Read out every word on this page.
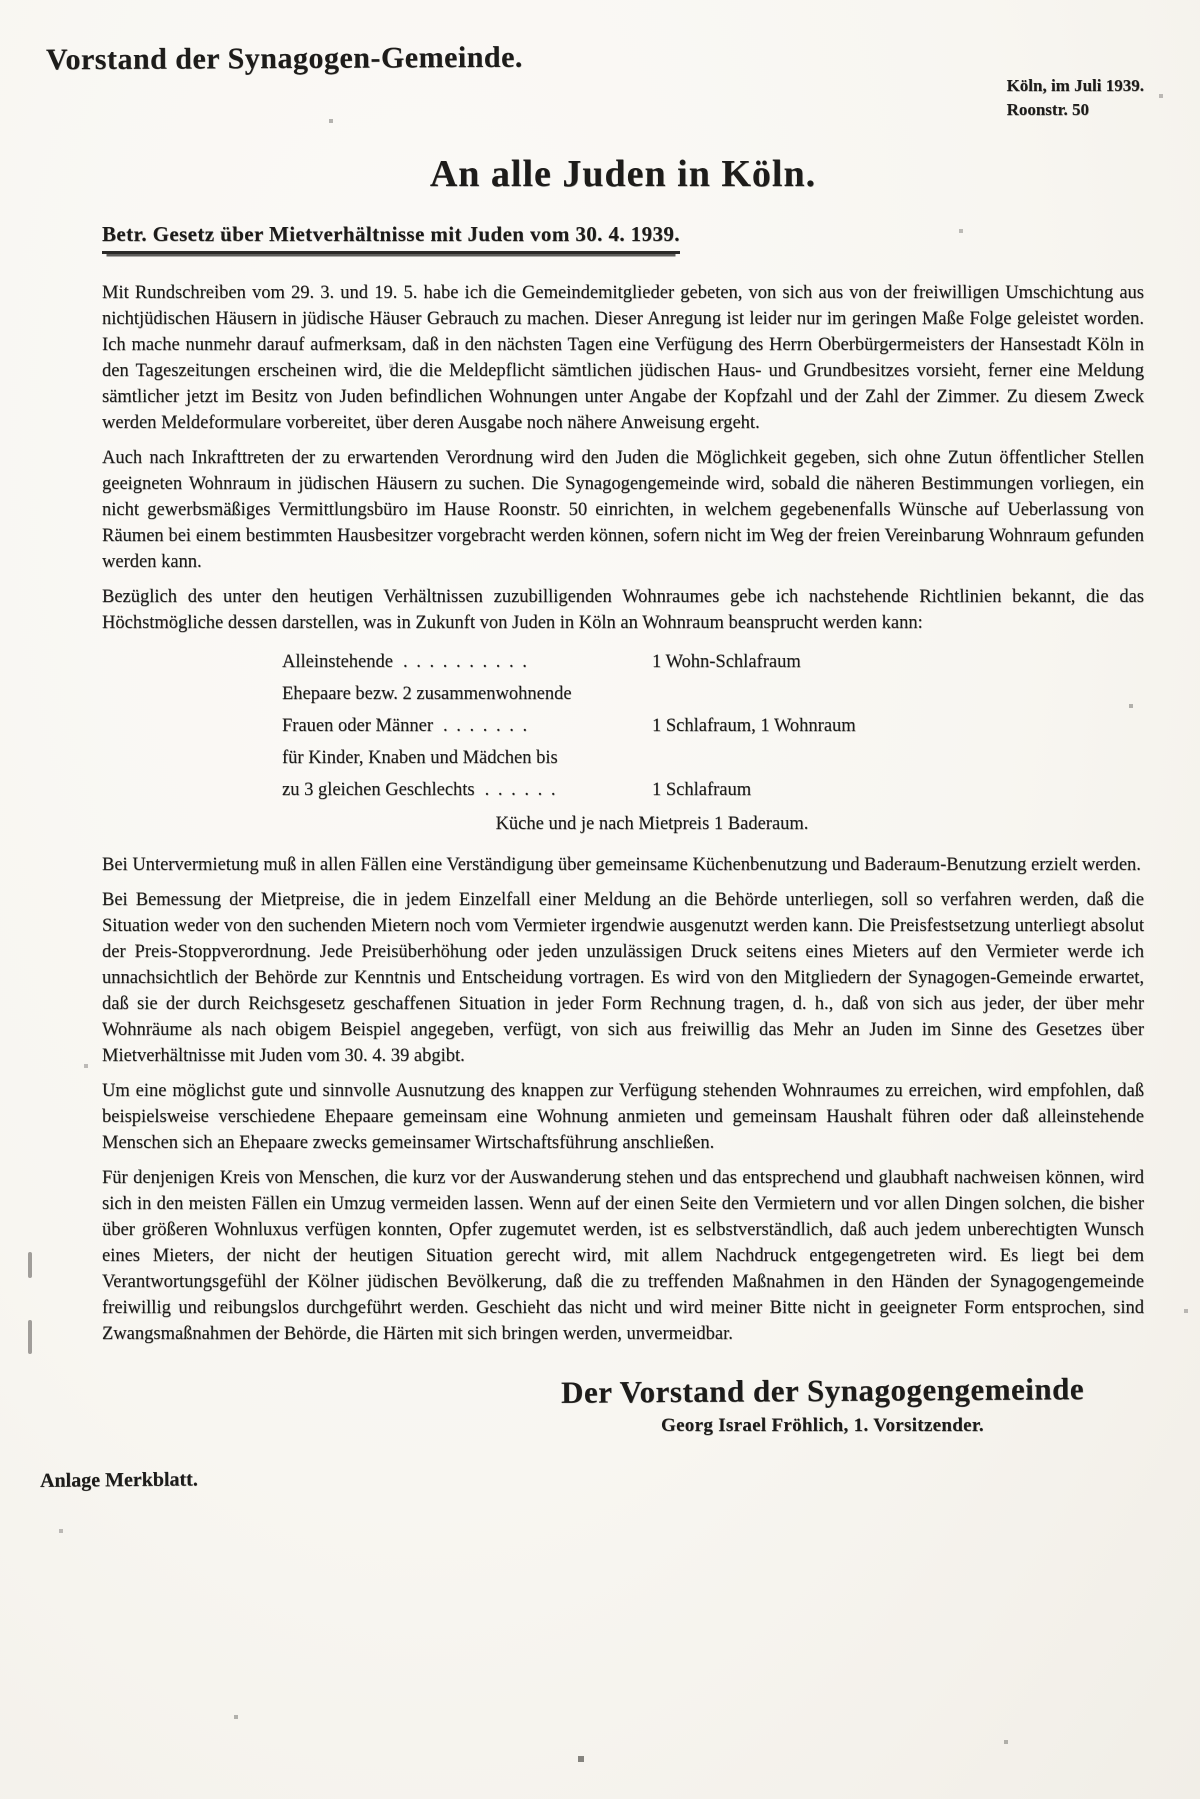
Vorstand der Synagogen-Gemeinde.
Köln, im Juli 1939.
Roonstr. 50
An alle Juden in Köln.
Betr. Gesetz über Mietverhältnisse mit Juden vom 30. 4. 1939.

Mit Rundschreiben vom 29. 3. und 19. 5. habe ich die Gemeindemitglieder gebeten, von sich aus von der freiwilligen Umschichtung aus nichtjüdischen Häusern in jüdische Häuser Gebrauch zu machen. Dieser Anregung ist leider nur im geringen Maße Folge geleistet worden. Ich mache nunmehr darauf aufmerksam, daß in den nächsten Tagen eine Verfügung des Herrn Oberbürgermeisters der Hansestadt Köln in den Tageszeitungen erscheinen wird, die die Meldepflicht sämtlichen jüdischen Haus- und Grundbesitzes vorsieht, ferner eine Meldung sämtlicher jetzt im Besitz von Juden befindlichen Wohnungen unter Angabe der Kopfzahl und der Zahl der Zimmer. Zu diesem Zweck werden Meldeformulare vorbereitet, über deren Ausgabe noch nähere Anweisung ergeht.

Auch nach Inkrafttreten der zu erwartenden Verordnung wird den Juden die Möglichkeit gegeben, sich ohne Zutun öffentlicher Stellen geeigneten Wohnraum in jüdischen Häusern zu suchen. Die Synagogengemeinde wird, sobald die näheren Bestimmungen vorliegen, ein nicht gewerbsmäßiges Vermittlungsbüro im Hause Roonstr. 50 einrichten, in welchem gegebenenfalls Wünsche auf Ueberlassung von Räumen bei einem bestimmten Hausbesitzer vorgebracht werden können, sofern nicht im Weg der freien Vereinbarung Wohnraum gefunden werden kann.

Bezüglich des unter den heutigen Verhältnissen zuzubilligenden Wohnraumes gebe ich nachstehende Richtlinien bekannt, die das Höchstmögliche dessen darstellen, was in Zukunft von Juden in Köln an Wohnraum beansprucht werden kann:

Alleinstehende . . . . . . . . . .	1 Wohn-Schlafraum
Ehepaare bezw. 2 zusammenwohnende
Frauen oder Männer . . . . . . .	1 Schlafraum, 1 Wohnraum
für Kinder, Knaben und Mädchen bis
zu 3 gleichen Geschlechts . . . . . .	1 Schlafraum
Küche und je nach Mietpreis 1 Baderaum.

Bei Untervermietung muß in allen Fällen eine Verständigung über gemeinsame Küchenbenutzung und Baderaum-Benutzung erzielt werden.

Bei Bemessung der Mietpreise, die in jedem Einzelfall einer Meldung an die Behörde unterliegen, soll so verfahren werden, daß die Situation weder von den suchenden Mietern noch vom Vermieter irgendwie ausgenutzt werden kann. Die Preisfestsetzung unterliegt absolut der Preis-Stoppverordnung. Jede Preisüberhöhung oder jeden unzulässigen Druck seitens eines Mieters auf den Vermieter werde ich unnachsichtlich der Behörde zur Kenntnis und Entscheidung vortragen. Es wird von den Mitgliedern der Synagogen-Gemeinde erwartet, daß sie der durch Reichsgesetz geschaffenen Situation in jeder Form Rechnung tragen, d. h., daß von sich aus jeder, der über mehr Wohnräume als nach obigem Beispiel angegeben, verfügt, von sich aus freiwillig das Mehr an Juden im Sinne des Gesetzes über Mietverhältnisse mit Juden vom 30. 4. 39 abgibt.

Um eine möglichst gute und sinnvolle Ausnutzung des knappen zur Verfügung stehenden Wohnraumes zu erreichen, wird empfohlen, daß beispielsweise verschiedene Ehepaare gemeinsam eine Wohnung anmieten und gemeinsam Haushalt führen oder daß alleinstehende Menschen sich an Ehepaare zwecks gemeinsamer Wirtschaftsführung anschließen.

Für denjenigen Kreis von Menschen, die kurz vor der Auswanderung stehen und das entsprechend und glaubhaft nachweisen können, wird sich in den meisten Fällen ein Umzug vermeiden lassen. Wenn auf der einen Seite den Vermietern und vor allen Dingen solchen, die bisher über größeren Wohnluxus verfügen konnten, Opfer zugemutet werden, ist es selbstverständlich, daß auch jedem unberechtigten Wunsch eines Mieters, der nicht der heutigen Situation gerecht wird, mit allem Nachdruck entgegengetreten wird. Es liegt bei dem Verantwortungsgefühl der Kölner jüdischen Bevölkerung, daß die zu treffenden Maßnahmen in den Händen der Synagogengemeinde freiwillig und reibungslos durchgeführt werden. Geschieht das nicht und wird meiner Bitte nicht in geeigneter Form entsprochen, sind Zwangsmaßnahmen der Behörde, die Härten mit sich bringen werden, unvermeidbar.

Der Vorstand der Synagogengemeinde
Georg Israel Fröhlich, 1. Vorsitzender.
Anlage Merkblatt.
